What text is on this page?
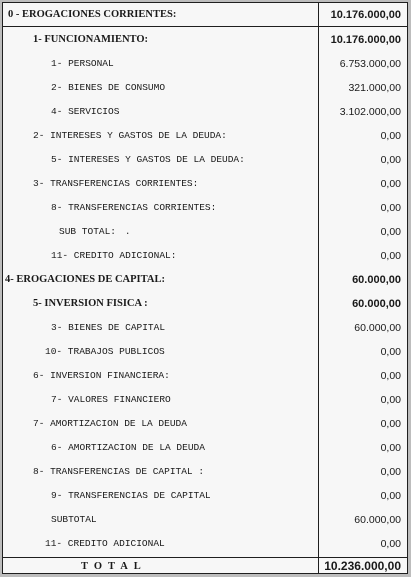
0 - EROGACIONES CORRIENTES:	10.176.000,00
1- FUNCIONAMIENTO:	10.176.000,00
1- PERSONAL	6.753.000,00
2- BIENES DE CONSUMO	321.000,00
4- SERVICIOS	3.102.000,00
2- INTERESES Y GASTOS DE LA DEUDA:	0,00
5- INTERESES Y GASTOS DE LA DEUDA:	0,00
3- TRANSFERENCIAS CORRIENTES:	0,00
8- TRANSFERENCIAS CORRIENTES:	0,00
SUB TOTAL: .	0,00
11- CREDITO ADICIONAL:	0,00
4- EROGACIONES DE CAPITAL:	60.000,00
5- INVERSION FISICA :	60.000,00
3- BIENES DE CAPITAL	60.000,00
10- TRABAJOS PUBLICOS	0,00
6- INVERSION FINANCIERA:	0,00
7- VALORES FINANCIERO	0,00
7- AMORTIZACION DE LA DEUDA	0,00
6- AMORTIZACION DE LA DEUDA	0,00
8- TRANSFERENCIAS DE CAPITAL :	0,00
9- TRANSFERENCIAS DE CAPITAL	0,00
SUBTOTAL	60.000,00
11- CREDITO ADICIONAL	0,00
TOTAL	10.236.000,00
